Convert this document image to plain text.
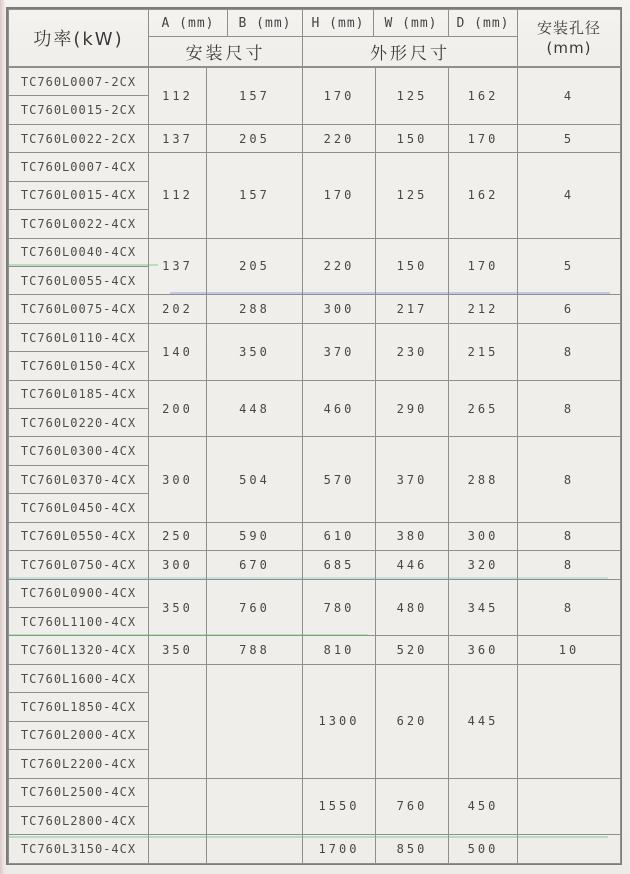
功率(kW)	A (mm)	B (mm)	H (mm)	W (mm)	D (mm)	安装孔径
(mm)

	安装尺寸		外形尺寸			
TC760L0007-2CX	112	157	170	125	162	4
TC760L0015-2CX						
TC760L0022-2CX	137	205	220	150	170	5
TC760L0007-4CX	112	157	170	125	162	4
TC760L0015-4CX						
TC760L0022-4CX						
TC760L0040-4CX	137	205	220	150	170	5
TC760L0055-4CX						
TC760L0075-4CX	202	288	300	217	212	6
TC760L0110-4CX	140	350	370	230	215	8
TC760L0150-4CX						
TC760L0185-4CX	200	448	460	290	265	8
TC760L0220-4CX						
TC760L0300-4CX	300	504	570	370	288	8
TC760L0370-4CX						
TC760L0450-4CX						
TC760L0550-4CX	250	590	610	380	300	8
TC760L0750-4CX	300	670	685	446	320	8
TC760L0900-4CX	350	760	780	480	345	8
TC760L1100-4CX						
TC760L1320-4CX	350	788	810	520	360	10
TC760L1600-4CX			1300	620	445	
TC760L1850-4CX						
TC760L2000-4CX						
TC760L2200-4CX						
TC760L2500-4CX			1550	760	450	
TC760L2800-4CX						
TC760L3150-4CX			1700	850	500	
